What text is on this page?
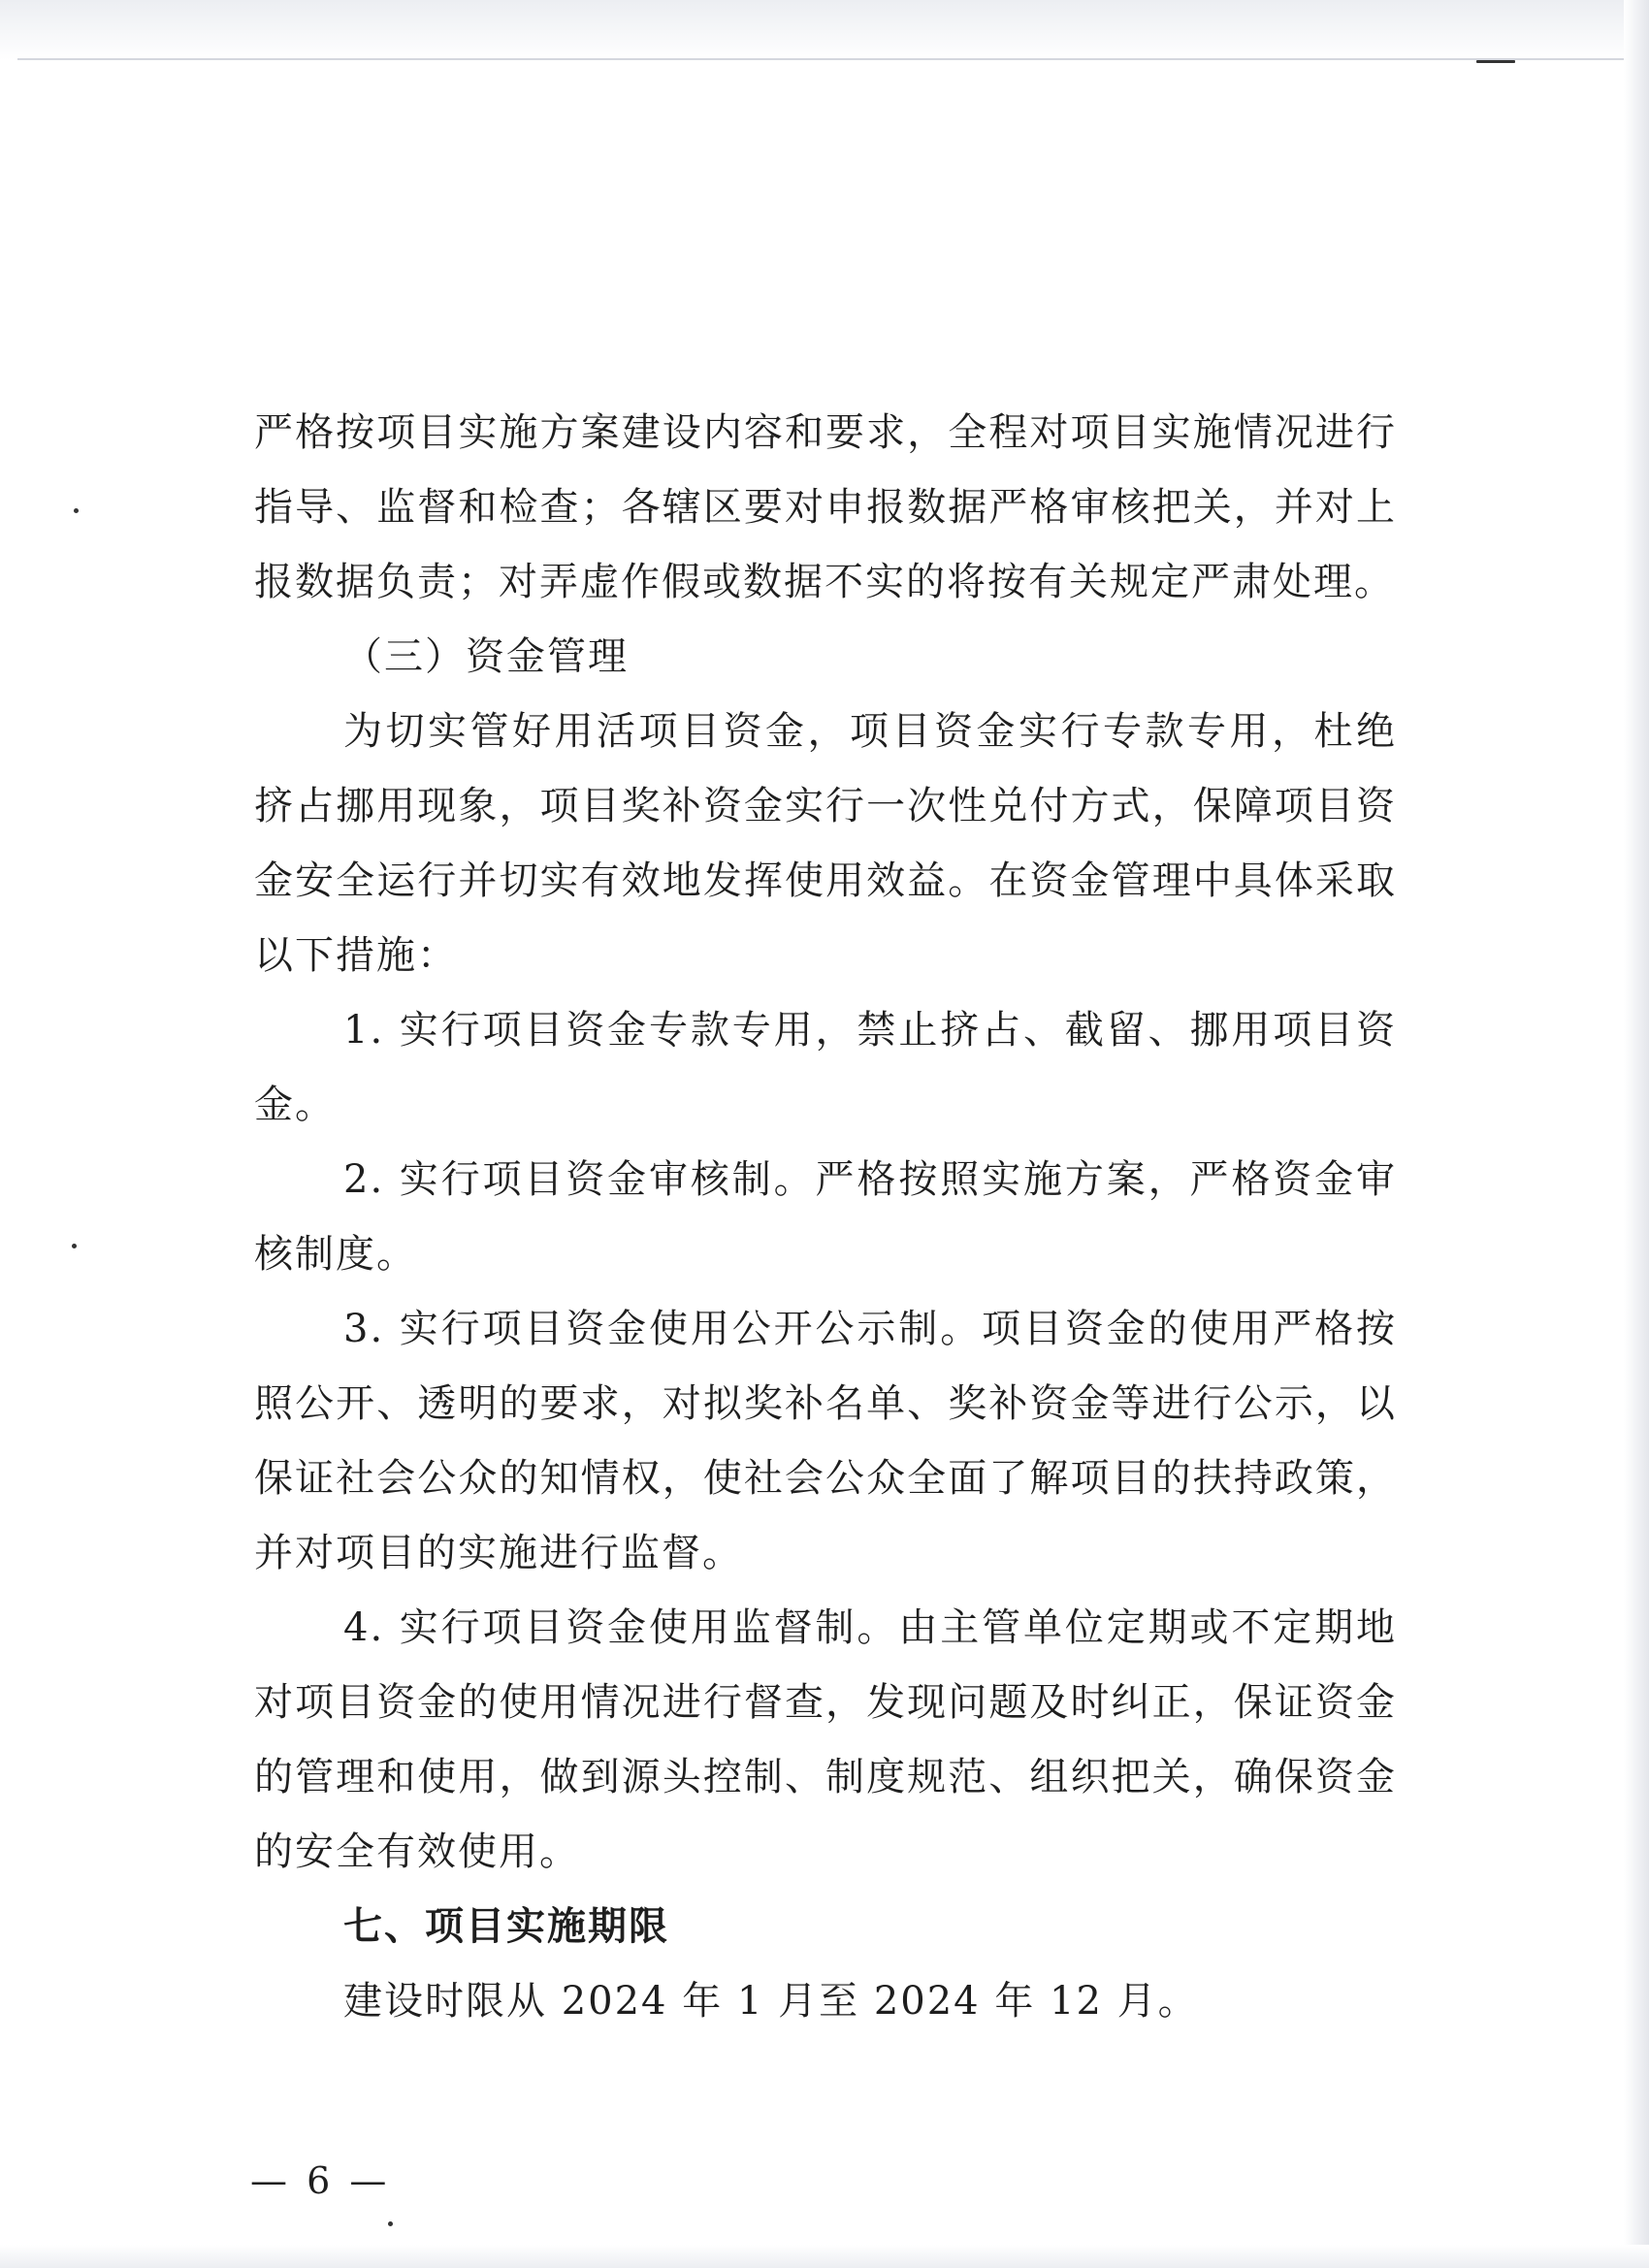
严格按项目实施方案建设内容和要求，全程对项目实施情况进行指导、监督和检查；各辖区要对申报数据严格审核把关，并对上报数据负责；对弄虚作假或数据不实的将按有关规定严肃处理。

（三）资金管理

为切实管好用活项目资金，项目资金实行专款专用，杜绝挤占挪用现象，项目奖补资金实行一次性兑付方式，保障项目资金安全运行并切实有效地发挥使用效益。在资金管理中具体采取以下措施：

1. 实行项目资金专款专用，禁止挤占、截留、挪用项目资金。

2. 实行项目资金审核制。严格按照实施方案，严格资金审核制度。

3. 实行项目资金使用公开公示制。项目资金的使用严格按照公开、透明的要求，对拟奖补名单、奖补资金等进行公示，以保证社会公众的知情权，使社会公众全面了解项目的扶持政策，并对项目的实施进行监督。

4. 实行项目资金使用监督制。由主管单位定期或不定期地对项目资金的使用情况进行督查，发现问题及时纠正，保证资金的管理和使用，做到源头控制、制度规范、组织把关，确保资金的安全有效使用。

七、项目实施期限

建设时限从 2024 年 1 月至 2024 年 12 月。

— 6 —
